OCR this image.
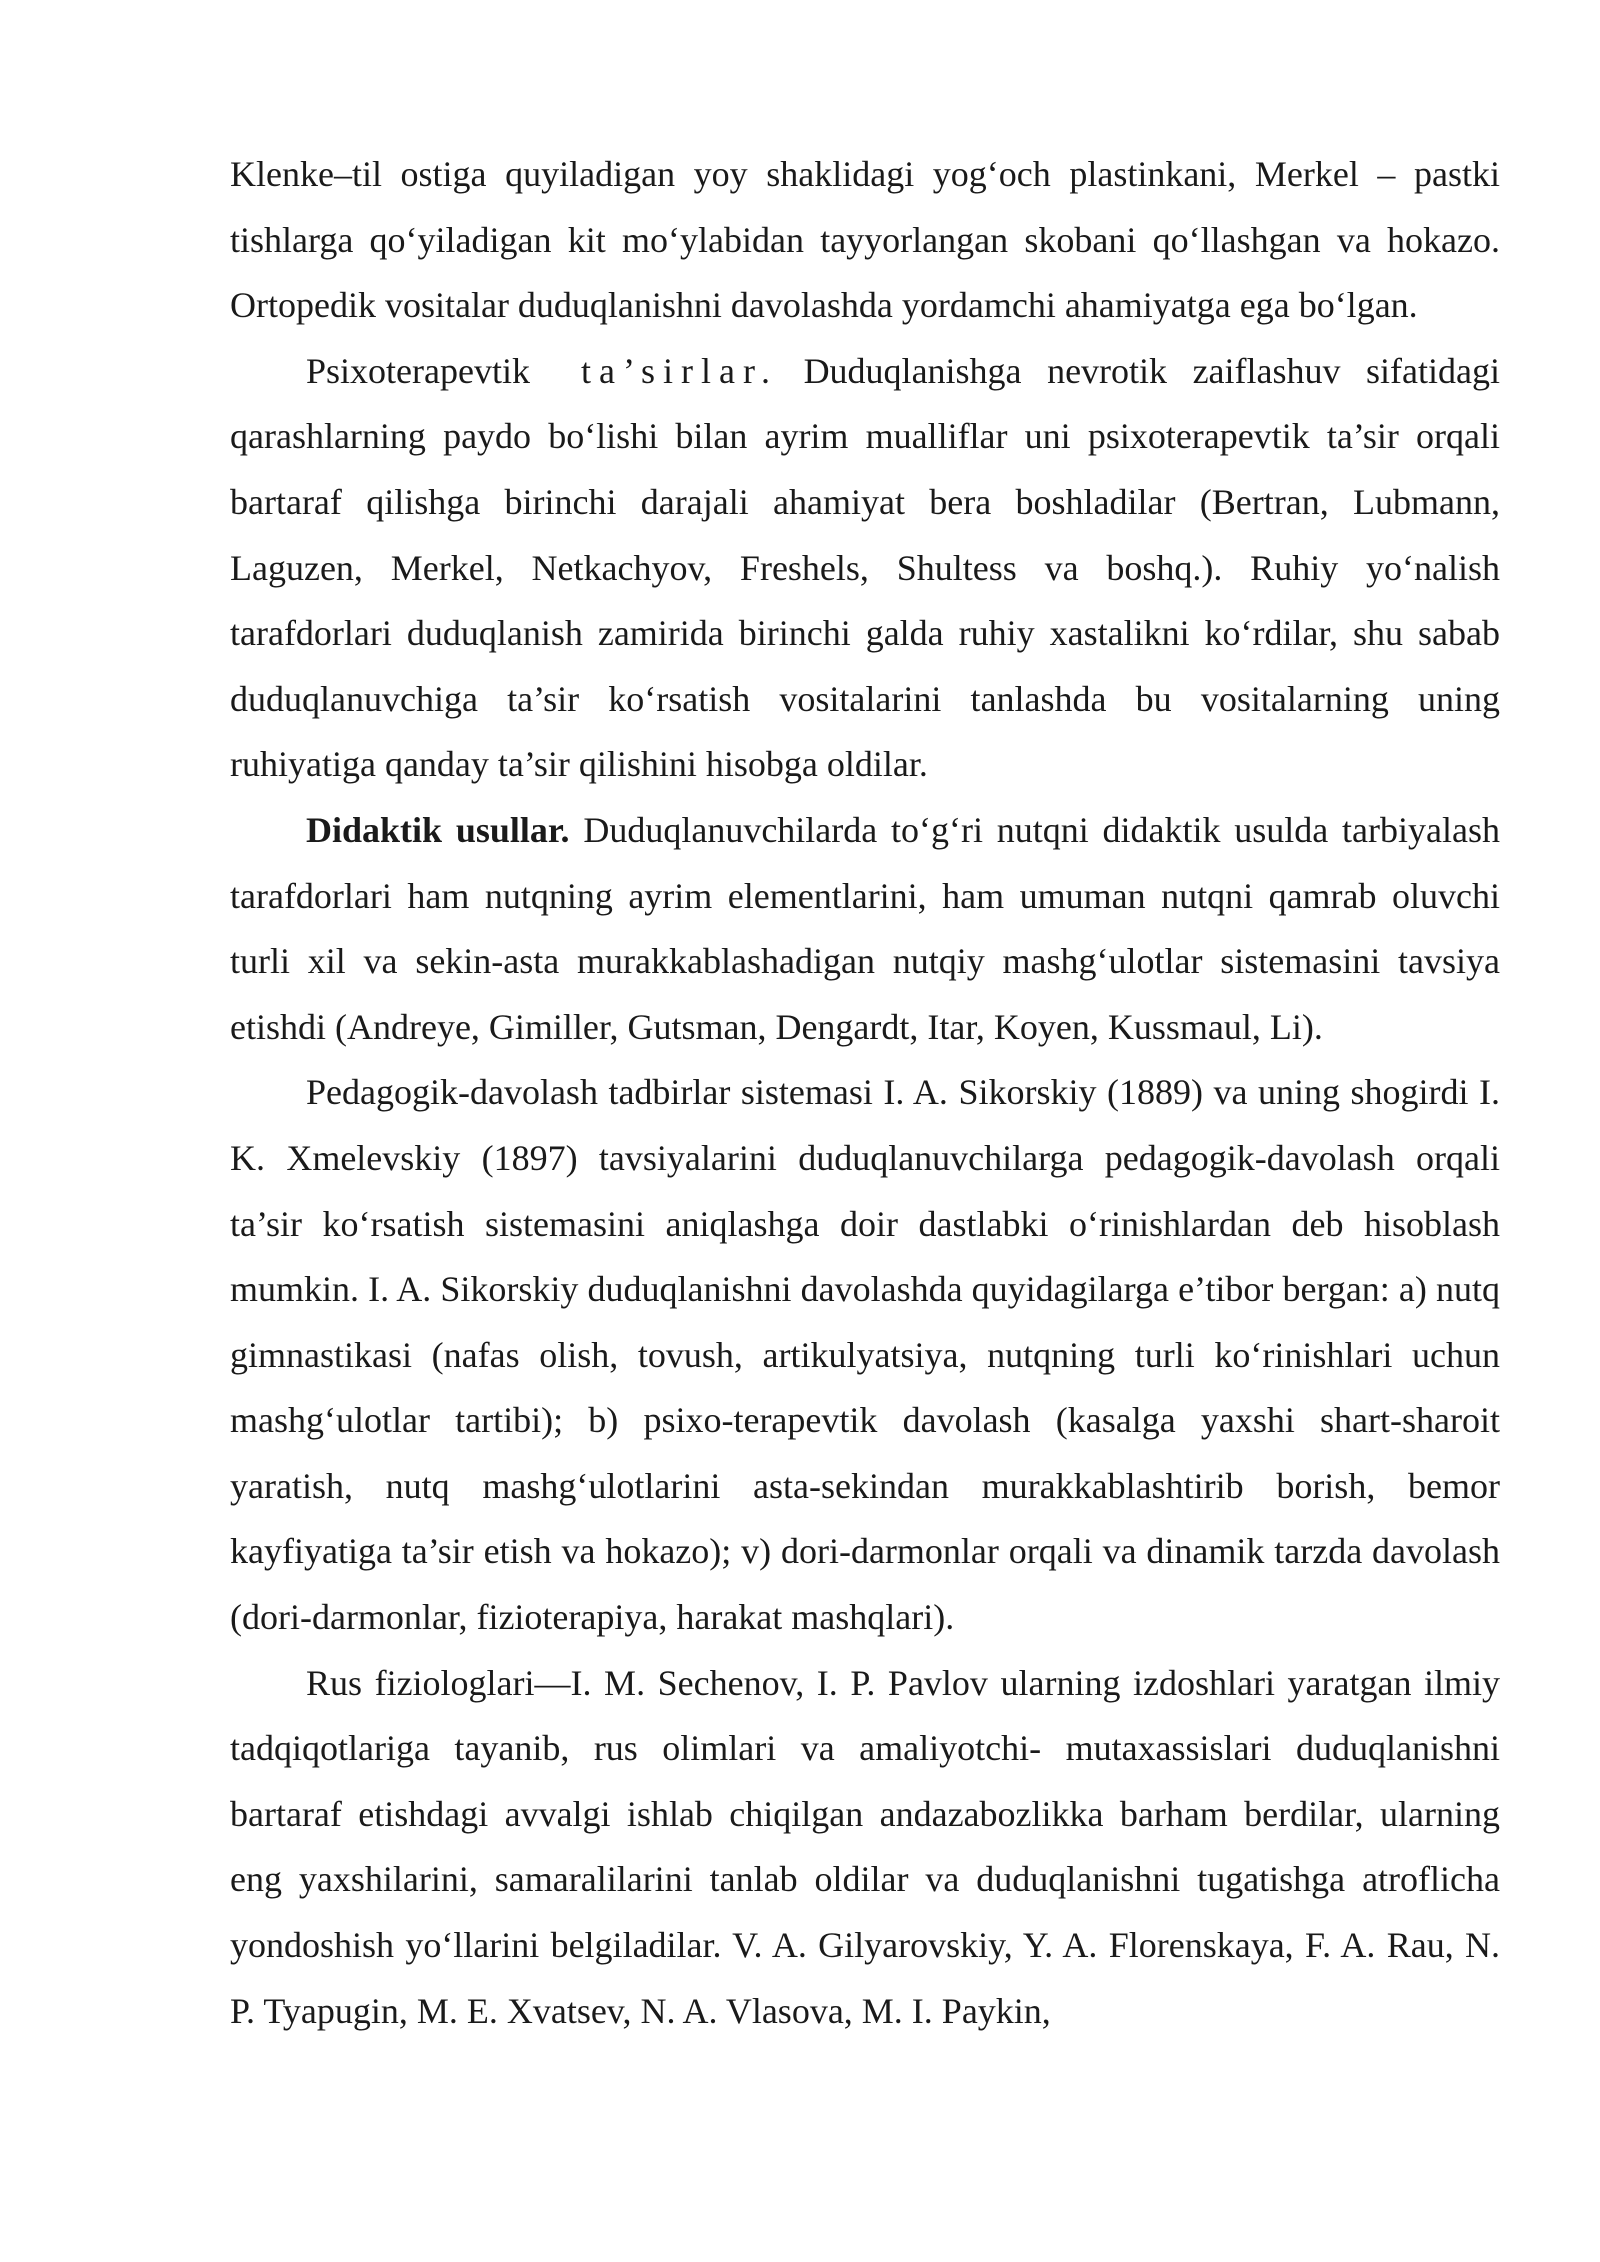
Klenke–til ostiga quyiladigan yoy shaklidagi yog‘och plastinkani, Merkel – pastki tishlarga qo‘yiladigan kit mo‘ylabidan tayyorlangan skobani qo‘llashgan va hokazo. Ortopedik vositalar duduqlanishni davolashda yordamchi ahamiyatga ega bo‘lgan.

Psixoterapevtik ta’sirlar. Duduqlanishga nevrotik zaiflashuv sifatidagi qarashlarning paydo bo‘lishi bilan ayrim mualliflar uni psixoterapevtik ta’sir orqali bartaraf qilishga birinchi darajali ahamiyat bera boshladilar (Bertran, Lubmann, Laguzen, Merkel, Netkachyov, Freshels, Shultess va boshq.). Ruhiy yo‘nalish tarafdorlari duduqlanish zamirida birinchi galda ruhiy xastalikni ko‘rdilar, shu sabab duduqlanuvchiga ta’sir ko‘rsatish vositalarini tanlashda bu vositalarning uning ruhiyatiga qanday ta’sir qilishini hisobga oldilar.

Didaktik usullar. Duduqlanuvchilarda to‘g‘ri nutqni didaktik usulda tarbiyalash tarafdorlari ham nutqning ayrim elementlarini, ham umuman nutqni qamrab oluvchi turli xil va sekin-asta murakkablashadigan nutqiy mashg‘ulotlar sistemasini tavsiya etishdi (Andreye, Gimiller, Gutsman, Dengardt, Itar, Koyen, Kussmaul, Li).

Pedagogik-davolash tadbirlar sistemasi I. A. Sikorskiy (1889) va uning shogirdi I. K. Xmelevskiy (1897) tavsiyalarini duduqlanuvchilarga pedagogik-davolash orqali ta’sir ko‘rsatish sistemasini aniqlashga doir dastlabki o‘rinishlardan deb hisoblash mumkin. I. A. Sikorskiy duduqlanishni davolashda quyidagilarga e’tibor bergan: a) nutq gimnastikasi (nafas olish, tovush, artikulyatsiya, nutqning turli ko‘rinishlari uchun mashg‘ulotlar tartibi); b) psixo-terapevtik davolash (kasalga yaxshi shart-sharoit yaratish, nutq mashg‘ulotlarini asta-sekindan murakkablashtirib borish, bemor kayfiyatiga ta’sir etish va hokazo); v) dori-darmonlar orqali va dinamik tarzda davolash (dori-darmonlar, fizioterapiya, harakat mashqlari).

Rus fiziologlari—I. M. Sechenov, I. P. Pavlov ularning izdoshlari yaratgan ilmiy tadqiqotlariga tayanib, rus olimlari va amaliyotchi- mutaxassislari duduqlanishni bartaraf etishdagi avvalgi ishlab chiqilgan andazabozlikka barham berdilar, ularning eng yaxshilarini, samaralilarini tanlab oldilar va duduqlanishni tugatishga atroflicha yondoshish yo‘llarini belgiladilar. V. A. Gilyarovskiy, Y. A. Florenskaya, F. A. Rau, N. P. Tyapugin, M. E. Xvatsev, N. A. Vlasova, M. I. Paykin,
